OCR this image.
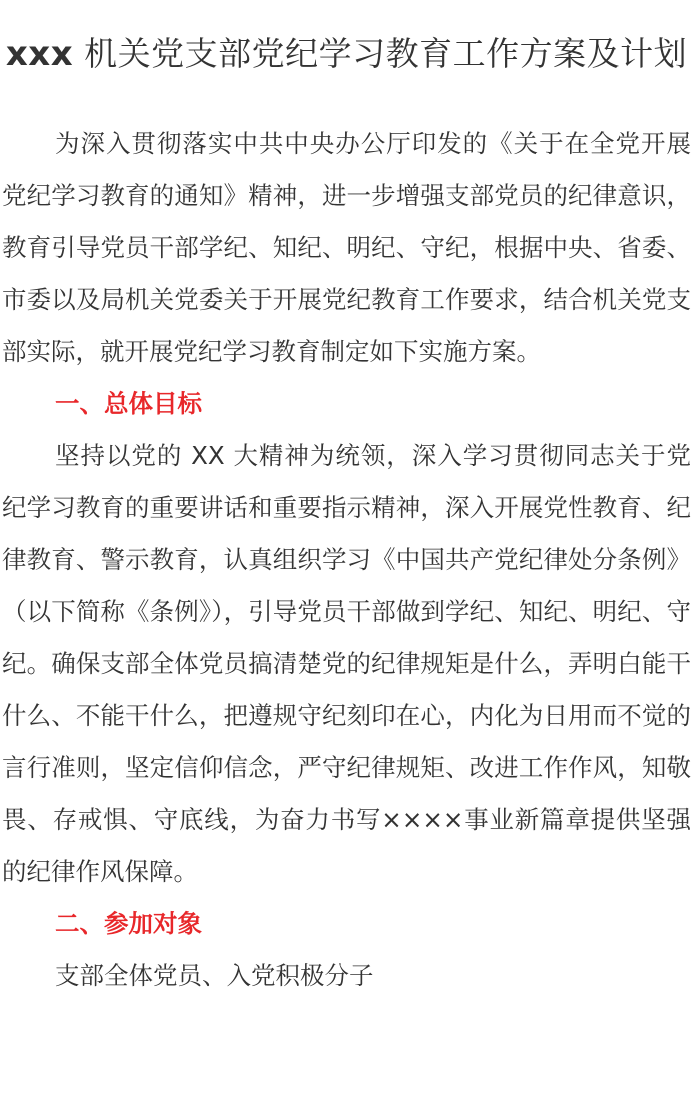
xxx 机关党支部党纪学习教育工作方案及计划

为深入贯彻落实中共中央办公厅印发的《关于在全党开展党纪学习教育的通知》精神，进一步增强支部党员的纪律意识，教育引导党员干部学纪、知纪、明纪、守纪，根据中央、省委、市委以及局机关党委关于开展党纪教育工作要求，结合机关党支部实际，就开展党纪学习教育制定如下实施方案。

一、总体目标

坚持以党的 XX 大精神为统领，深入学习贯彻同志关于党纪学习教育的重要讲话和重要指示精神，深入开展党性教育、纪律教育、警示教育，认真组织学习《中国共产党纪律处分条例》（以下简称《条例》），引导党员干部做到学纪、知纪、明纪、守纪。确保支部全体党员搞清楚党的纪律规矩是什么，弄明白能干什么、不能干什么，把遵规守纪刻印在心，内化为日用而不觉的言行准则，坚定信仰信念，严守纪律规矩、改进工作作风，知敬畏、存戒惧、守底线，为奋力书写××××事业新篇章提供坚强的纪律作风保障。

二、参加对象

支部全体党员、入党积极分子
